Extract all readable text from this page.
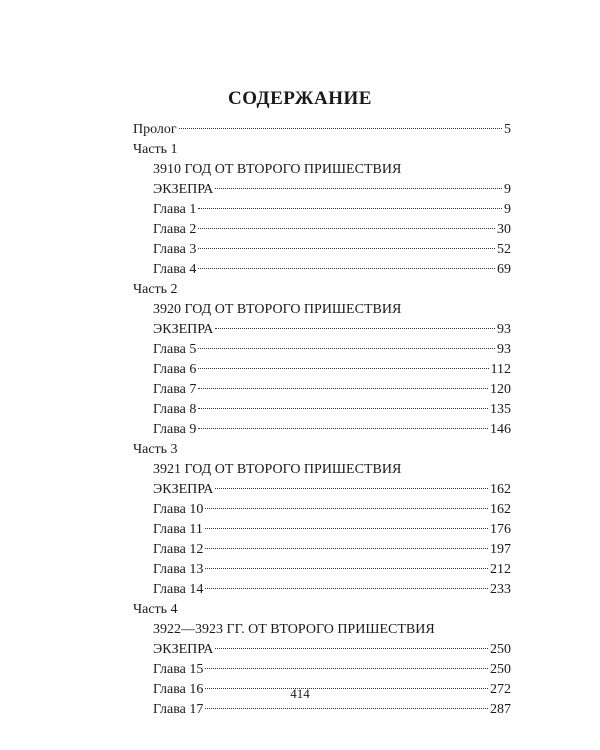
СОДЕРЖАНИЕ
Пролог	5
Часть 1
3910 ГОД ОТ ВТОРОГО ПРИШЕСТВИЯ
ЭКЗЕПРА	9
Глава 1	9
Глава 2	30
Глава 3	52
Глава 4	69
Часть 2
3920 ГОД ОТ ВТОРОГО ПРИШЕСТВИЯ
ЭКЗЕПРА	93
Глава 5	93
Глава 6	112
Глава 7	120
Глава 8	135
Глава 9	146
Часть 3
3921 ГОД ОТ ВТОРОГО ПРИШЕСТВИЯ
ЭКЗЕПРА	162
Глава 10	162
Глава 11	176
Глава 12	197
Глава 13	212
Глава 14	233
Часть 4
3922—3923 ГГ. ОТ ВТОРОГО ПРИШЕСТВИЯ
ЭКЗЕПРА	250
Глава 15	250
Глава 16	272
Глава 17	287
414
